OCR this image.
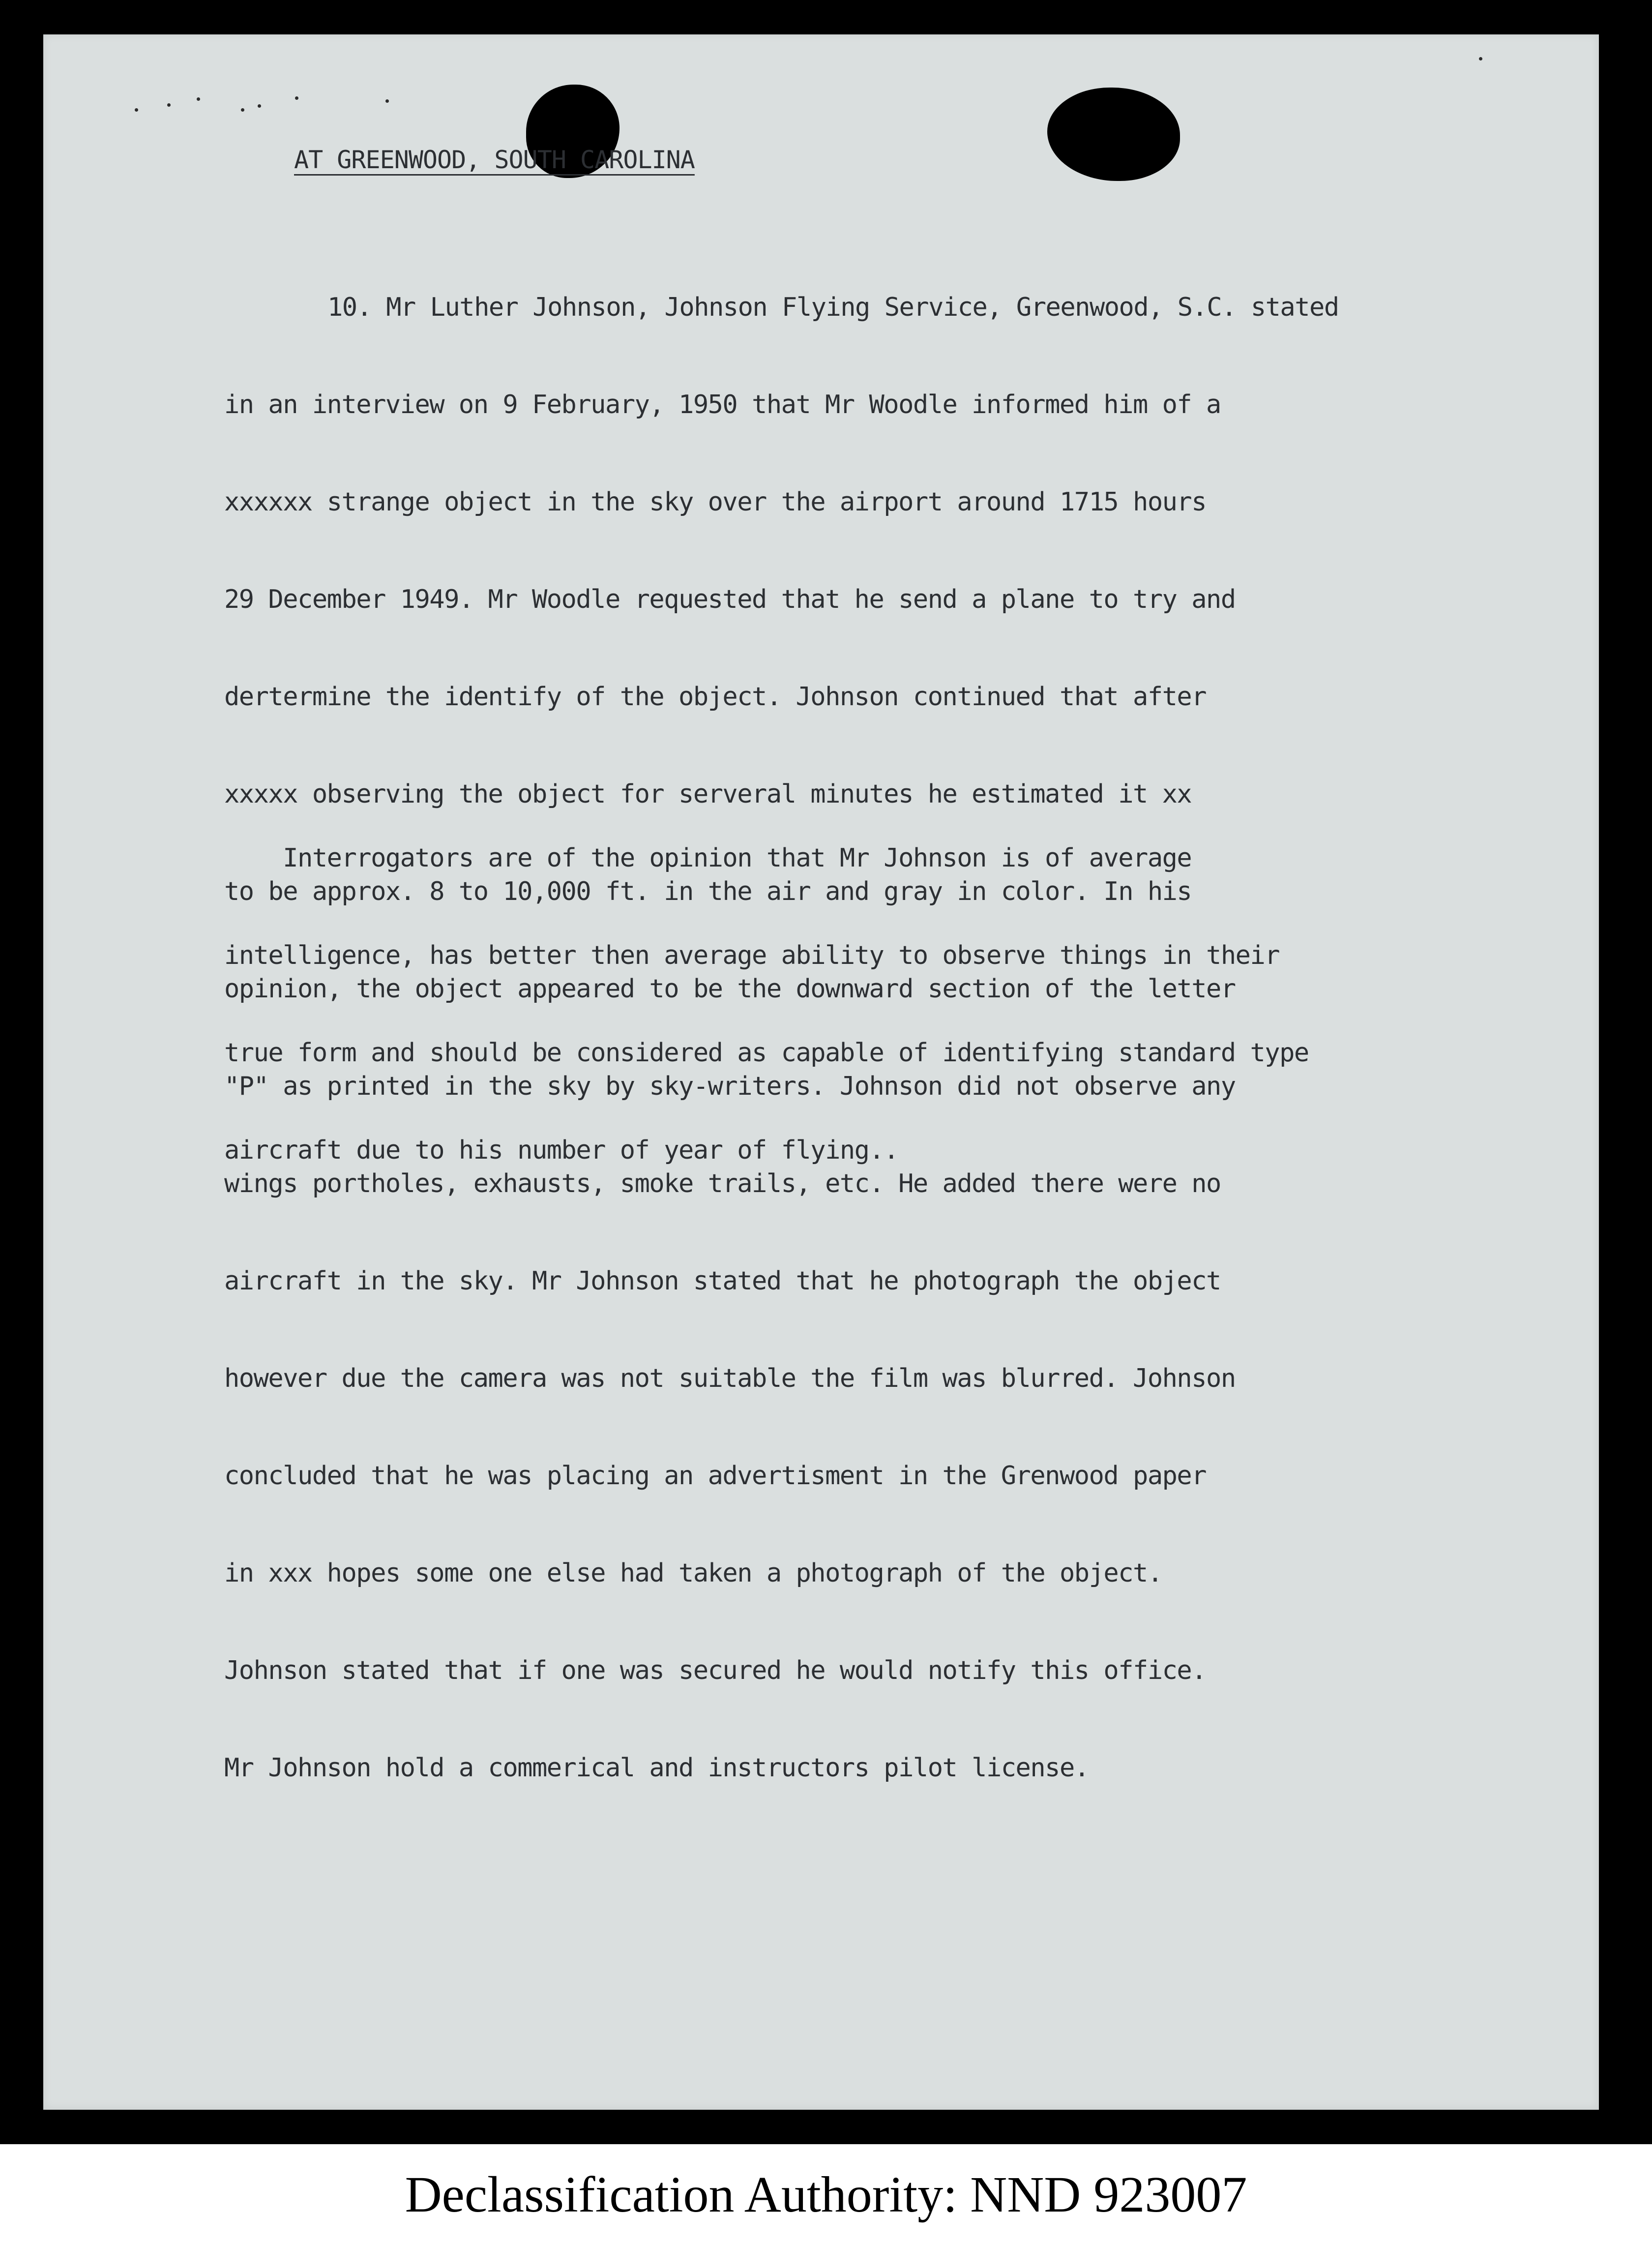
AT GREENWOOD, SOUTH CAROLINA

10. Mr Luther Johnson, Johnson Flying Service, Greenwood, S.C. stated

in an interview on 9 February, 1950 that Mr Woodle informed him of a

xxxxxx strange object in the sky over the airport around 1715 hours

29 December 1949. Mr Woodle requested that he send a plane to try and

dertermine the identify of the object. Johnson continued that after

xxxxx observing the object for serveral minutes he estimated it xx

to be approx. 8 to 10,000 ft. in the air and gray in color. In his

opinion, the object appeared to be the downward section of the letter

"P" as printed in the sky by sky-writers. Johnson did not observe any

wings portholes, exhausts, smoke trails, etc. He added there were no

aircraft in the sky. Mr Johnson stated that he photograph the object

however due the camera was not suitable the film was blurred. Johnson

concluded that he was placing an advertisment in the Grenwood paper

in xxx hopes some one else had taken a photograph of the object.

Johnson stated that if one was secured he would notify this office.

Mr Johnson hold a commerical and instructors pilot license.

Interrogators are of the opinion that Mr Johnson is of average

intelligence, has better then average ability to observe things in their

true form and should be considered as capable of identifying standard type

aircraft due to his number of year of flying..

Declassification Authority: NND 923007
